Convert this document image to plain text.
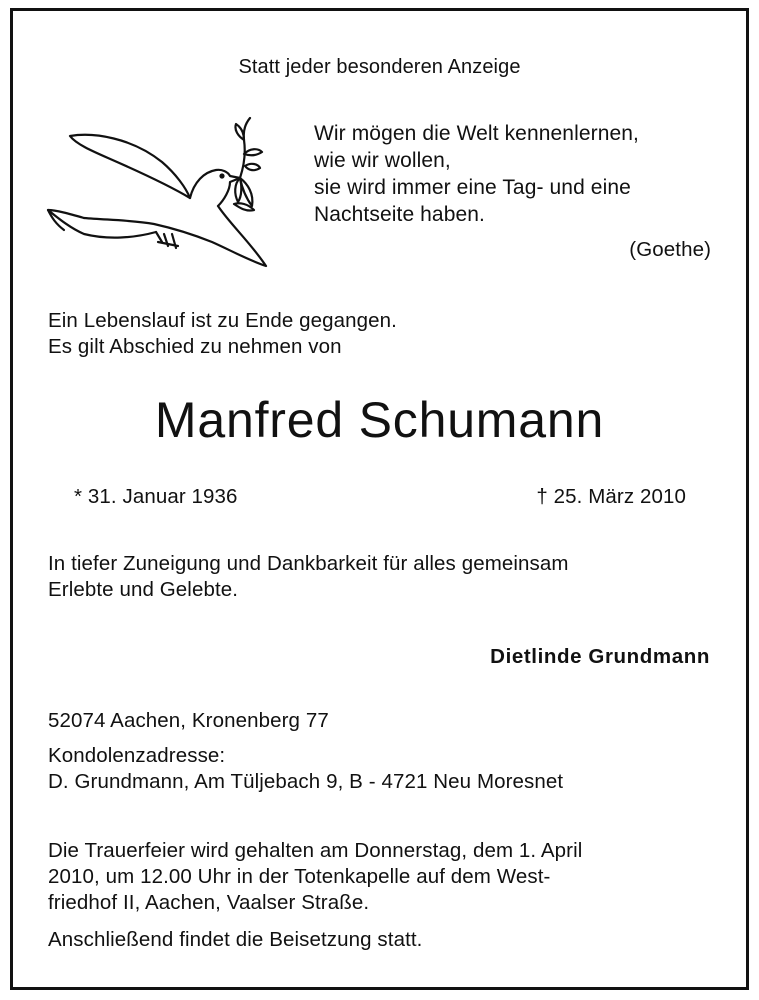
Statt jeder besonderen Anzeige

Wir mögen die Welt kennenlernen,
wie wir wollen,
sie wird immer eine Tag- und eine
Nachtseite haben.

(Goethe)

Ein Lebenslauf ist zu Ende gegangen.
Es gilt Abschied zu nehmen von

Manfred Schumann

* 31. Januar 1936	† 25. März 2010

In tiefer Zuneigung und Dankbarkeit für alles gemeinsam
Erlebte und Gelebte.

Dietlinde Grundmann

52074 Aachen, Kronenberg 77

Kondolenzadresse:
D. Grundmann, Am Tüljebach 9, B - 4721 Neu Moresnet
Die Trauerfeier wird gehalten am Donnerstag, dem 1. April
2010, um 12.00 Uhr in der Totenkapelle auf dem West-
friedhof II, Aachen, Vaalser Straße.

Anschließend findet die Beisetzung statt.
